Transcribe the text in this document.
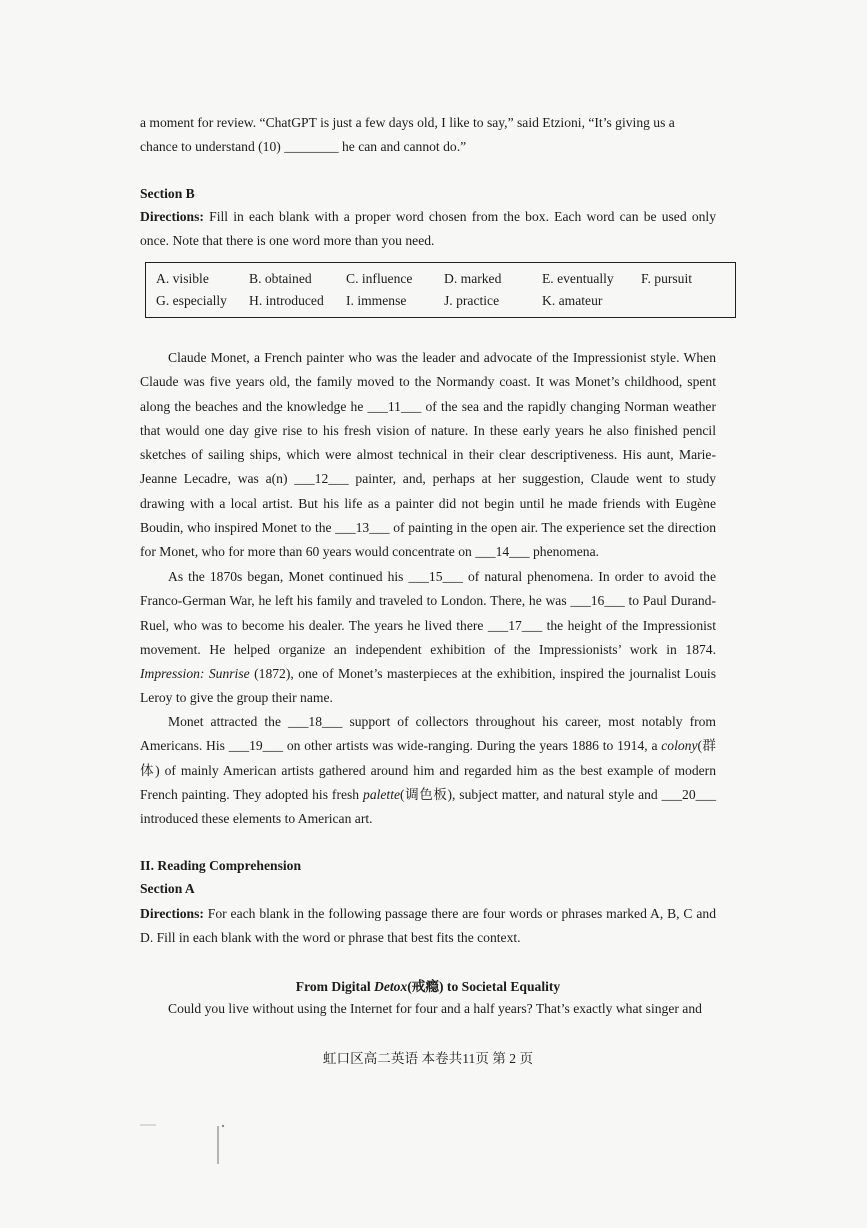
a moment for review. “ChatGPT is just a few days old, I like to say,” said Etzioni, “It’s giving us a
chance to understand (10) ________ he can and cannot do.”
Section B
Directions: Fill in each blank with a proper word chosen from the box. Each word can be used only once. Note that there is one word more than you need.
A. visible	B. obtained	C. influence D. marked	E. eventually F. pursuit
G. especially H. introduced I. immense	J. practice	K. amateur
Claude Monet, a French painter who was the leader and advocate of the Impressionist style. When Claude was five years old, the family moved to the Normandy coast. It was Monet’s childhood, spent along the beaches and the knowledge he ___11___ of the sea and the rapidly changing Norman weather that would one day give rise to his fresh vision of nature. In these early years he also finished pencil sketches of sailing ships, which were almost technical in their clear descriptiveness. His aunt, Marie-Jeanne Lecadre, was a(n) ___12___ painter, and, perhaps at her suggestion, Claude went to study drawing with a local artist. But his life as a painter did not begin until he made friends with Eugène Boudin, who inspired Monet to the ___13___ of painting in the open air. The experience set the direction for Monet, who for more than 60 years would concentrate on ___14___ phenomena.
As the 1870s began, Monet continued his ___15___ of natural phenomena. In order to avoid the Franco-German War, he left his family and traveled to London. There, he was ___16___ to Paul Durand-Ruel, who was to become his dealer. The years he lived there ___17___ the height of the Impressionist movement. He helped organize an independent exhibition of the Impressionists’ work in 1874. Impression: Sunrise (1872), one of Monet’s masterpieces at the exhibition, inspired the journalist Louis Leroy to give the group their name.
Monet attracted the ___18___ support of collectors throughout his career, most notably from Americans. His ___19___ on other artists was wide-ranging. During the years 1886 to 1914, a colony(群体) of mainly American artists gathered around him and regarded him as the best example of modern French painting. They adopted his fresh palette(调色板), subject matter, and natural style and ___20___ introduced these elements to American art.
II. Reading Comprehension
Section A
Directions: For each blank in the following passage there are four words or phrases marked A, B, C and D. Fill in each blank with the word or phrase that best fits the context.
From Digital Detox(戒瘾) to Societal Equality
Could you live without using the Internet for four and a half years? That’s exactly what singer and
虹口区高二英语 本卷共11页 第 2 页
